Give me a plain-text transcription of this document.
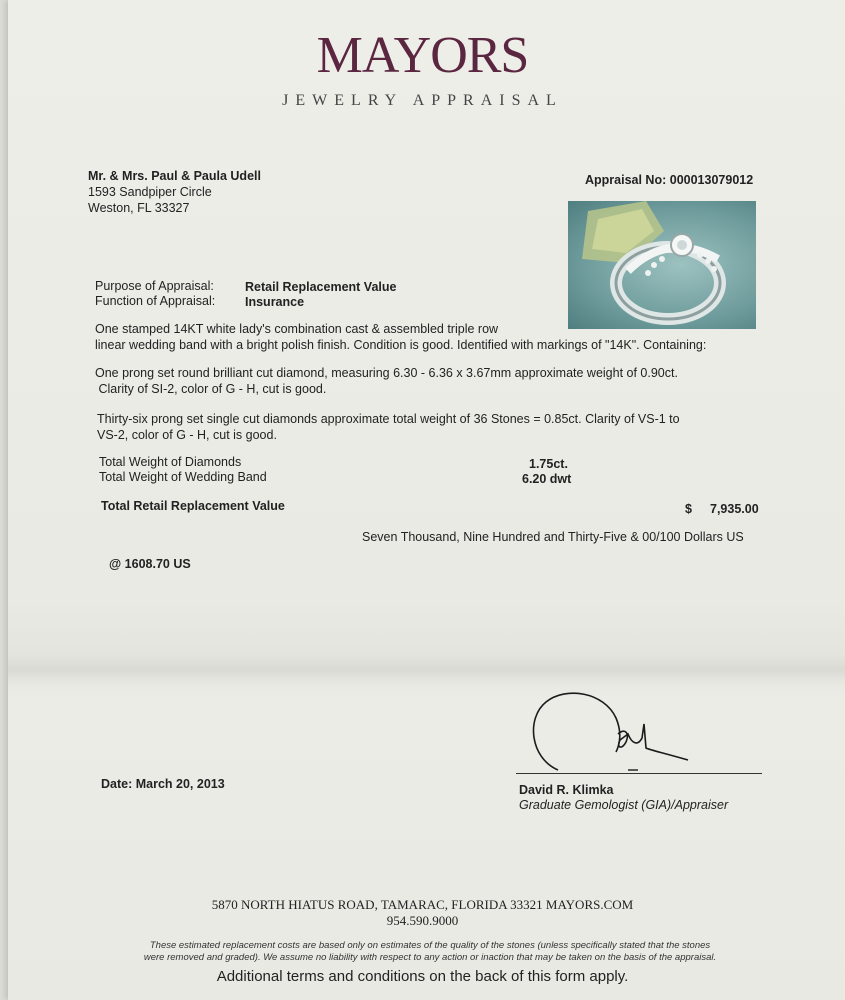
MAYORS
JEWELRY APPRAISAL
Mr. & Mrs. Paul & Paula Udell
1593 Sandpiper Circle
Weston, FL 33327
Appraisal No: 000013079012
Purpose of Appraisal: Retail Replacement Value
Function of Appraisal: Insurance
One stamped 14KT white lady's combination cast & assembled triple row
linear wedding band with a bright polish finish. Condition is good. Identified with markings of "14K". Containing:
One prong set round brilliant cut diamond, measuring 6.30 - 6.36 x 3.67mm approximate weight of 0.90ct.
Clarity of SI-2, color of G - H, cut is good.
Thirty-six prong set single cut diamonds approximate total weight of 36 Stones = 0.85ct. Clarity of VS-1 to
VS-2, color of G - H, cut is good.
Total Weight of Diamonds	1.75ct.
Total Weight of Wedding Band	6.20 dwt
Total Retail Replacement Value	$ 7,935.00
Seven Thousand, Nine Hundred and Thirty-Five & 00/100 Dollars US
@ 1608.70 US
David R. Klimka
Graduate Gemologist (GIA)/Appraiser
Date: March 20, 2013
5870 NORTH HIATUS ROAD, TAMARAC, FLORIDA 33321 MAYORS.COM
954.590.9000
These estimated replacement costs are based only on estimates of the quality of the stones (unless specifically stated that the stones
were removed and graded). We assume no liability with respect to any action or inaction that may be taken on the basis of the appraisal.
Additional terms and conditions on the back of this form apply.
